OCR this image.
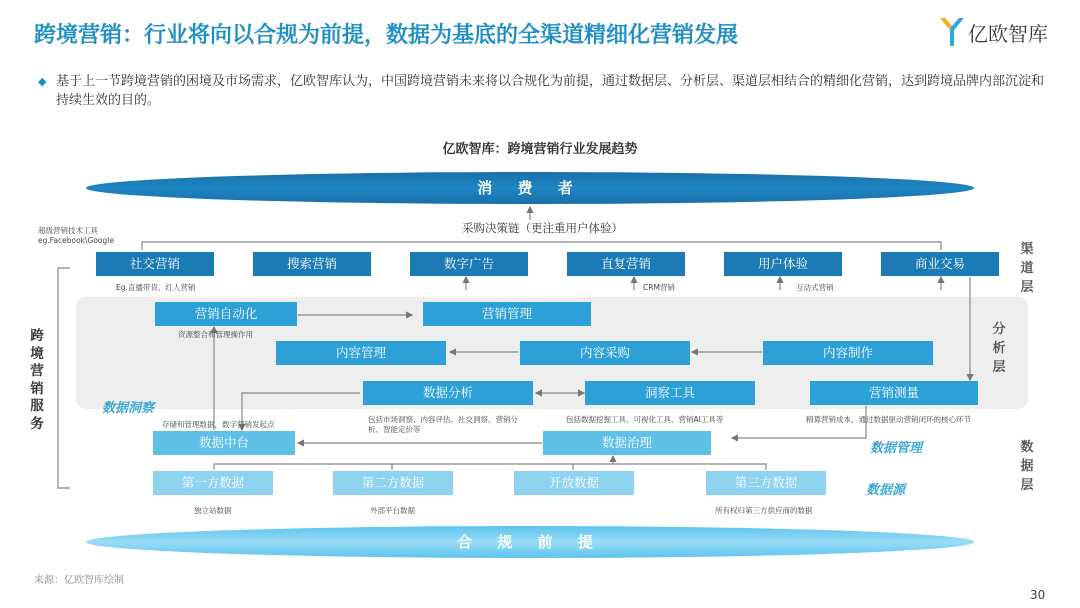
跨境营销：行业将向以合规为前提，数据为基底的全渠道精细化营销发展	亿欧智库
◆ 基于上一节跨境营销的困境及市场需求，亿欧智库认为，中国跨境营销未来将以合规化为前提，通过数据层、分析层、渠道层相结合的精细化营销，达到跨境品牌内部沉淀和持续生效的目的。
亿欧智库：跨境营销行业发展趋势
消 费 者
采购决策链（更注重用户体验）
超级营销技术工具
eg.Facebook\Google
社交营销	搜索营销	数字广告	直复营销	用户体验	商业交易
Eg.直播带货、红人营销	CRM营销	互动式营销
渠道层
分析层
数据层
营销自动化	营销管理
资源整合和管理操作用
内容管理	内容采购	内容制作
数据分析	洞察工具	营销测量
数据洞察
包括市场洞察、内容评估、社交洞察、营销分析、智能定价等
包括数据挖掘工具、可视化工具、营销AI工具等	精算营销成本，通过数据驱动营销闭环的核心环节
存储和管理数据，数字营销发起点
数据中台	数据治理	数据管理
第一方数据	第二方数据	开放数据	第三方数据
数据源
独立站数据	外部平台数据	所有权归第三方供应商的数据
跨境营销服务
合 规 前 提
来源：亿欧智库绘制
30
